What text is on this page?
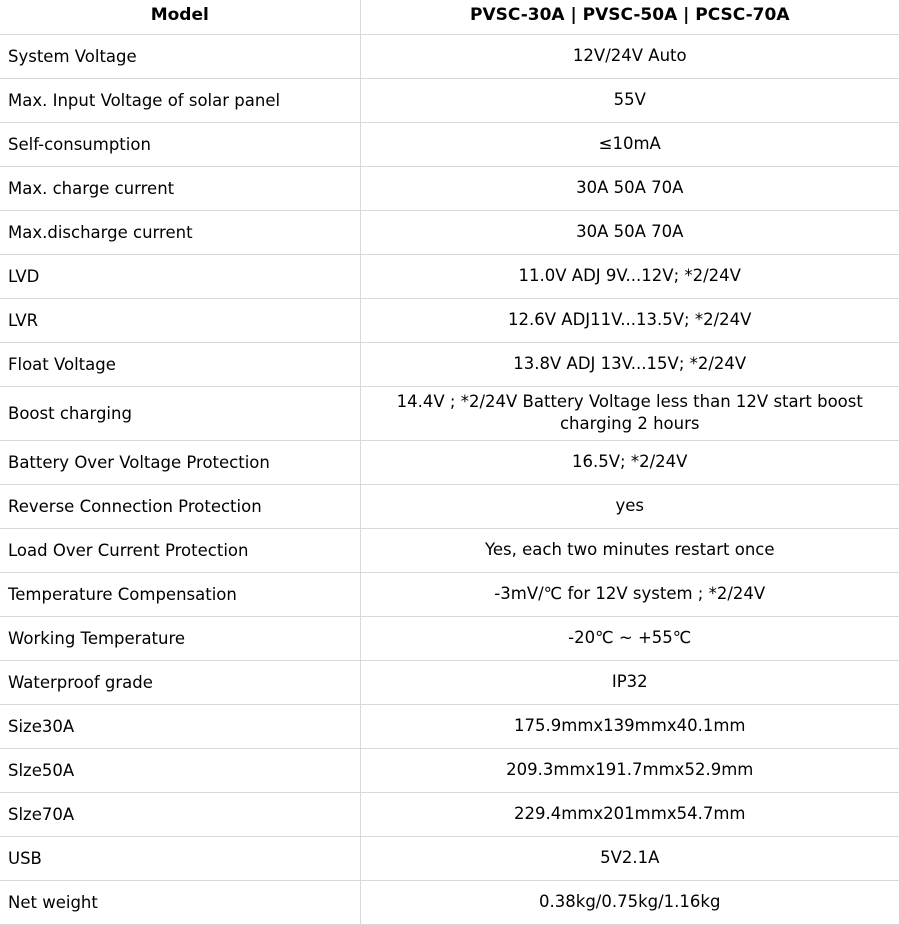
Model	PVSC-30A | PVSC-50A | PCSC-70A
System Voltage	12V/24V Auto
Max. Input Voltage of solar panel	55V
Self-consumption	≤10mA
Max. charge current	30A 50A 70A
Max.discharge current	30A 50A 70A
LVD	11.0V ADJ 9V...12V; *2/24V
LVR	12.6V ADJ11V...13.5V; *2/24V
Float Voltage	13.8V ADJ 13V...15V; *2/24V
Boost charging	14.4V ; *2/24V Battery Voltage less than 12V start boost charging 2 hours
Battery Over Voltage Protection	16.5V; *2/24V
Reverse Connection Protection	yes
Load Over Current Protection	Yes, each two minutes restart once
Temperature Compensation	-3mV/℃ for 12V system ; *2/24V
Working Temperature	-20℃ ~ +55℃
Waterproof grade	IP32
Size30A	175.9mmx139mmx40.1mm
Slze50A	209.3mmx191.7mmx52.9mm
Slze70A	229.4mmx201mmx54.7mm
USB	5V2.1A
Net weight	0.38kg/0.75kg/1.16kg
